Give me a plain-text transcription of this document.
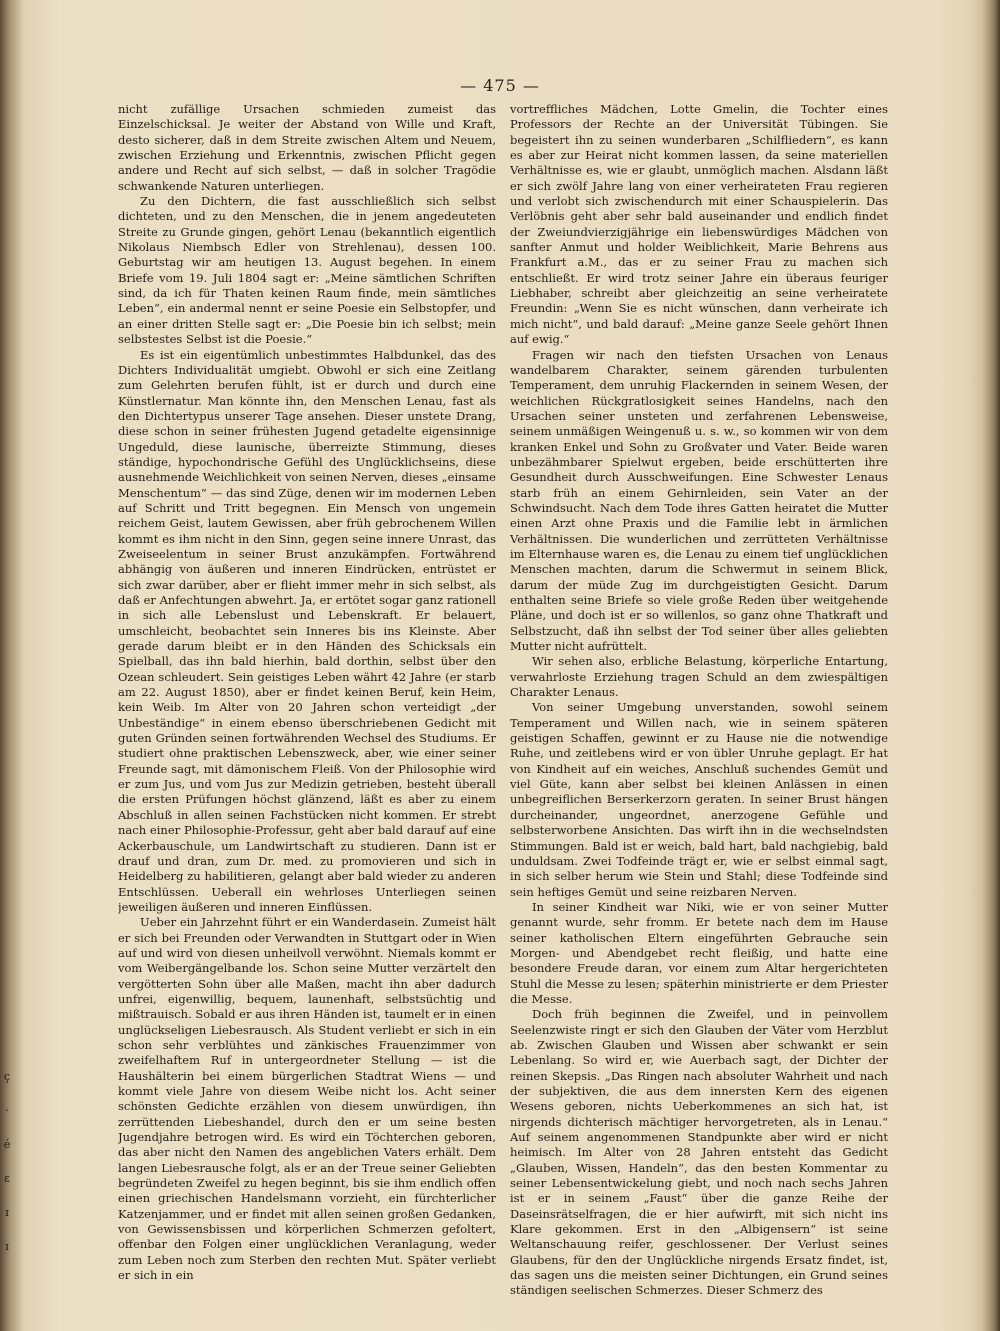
— 475 —

nicht zufällige Ursachen schmieden zumeist das Einzelschicksal. Je weiter der Abstand von Wille und Kraft, desto sicherer, daß in dem Streite zwischen Altem und Neuem, zwischen Erziehung und Erkenntnis, zwischen Pflicht gegen andere und Recht auf sich selbst, — daß in solcher Tragödie schwankende Naturen unterliegen.

Zu den Dichtern, die fast ausschließlich sich selbst dichteten, und zu den Menschen, die in jenem angedeuteten Streite zu Grunde gingen, gehört Lenau (bekanntlich eigentlich Nikolaus Niembsch Edler von Strehlenau), dessen 100. Geburtstag wir am heutigen 13. August begehen. In einem Briefe vom 19. Juli 1804 sagt er: „Meine sämtlichen Schriften sind, da ich für Thaten keinen Raum finde, mein sämtliches Leben“, ein andermal nennt er seine Poesie ein Selbstopfer, und an einer dritten Stelle sagt er: „Die Poesie bin ich selbst; mein selbstestes Selbst ist die Poesie.“

Es ist ein eigentümlich unbestimmtes Halbdunkel, das des Dichters Individualität umgiebt. Obwohl er sich eine Zeitlang zum Gelehrten berufen fühlt, ist er durch und durch eine Künstlernatur. Man könnte ihn, den Menschen Lenau, fast als den Dichtertypus unserer Tage ansehen. Dieser unstete Drang, diese schon in seiner frühesten Jugend getadelte eigensinnige Ungeduld, diese launische, überreizte Stimmung, dieses ständige, hypochondrische Gefühl des Unglücklichseins, diese ausnehmende Weichlichkeit von seinen Nerven, dieses „einsame Menschentum“ — das sind Züge, denen wir im modernen Leben auf Schritt und Tritt begegnen. Ein Mensch von ungemein reichem Geist, lautem Gewissen, aber früh gebrochenem Willen kommt es ihm nicht in den Sinn, gegen seine innere Unrast, das Zweiseelentum in seiner Brust anzukämpfen. Fortwährend abhängig von äußeren und inneren Eindrücken, entrüstet er sich zwar darüber, aber er flieht immer mehr in sich selbst, als daß er Anfechtungen abwehrt. Ja, er ertötet sogar ganz rationell in sich alle Lebenslust und Lebenskraft. Er belauert, umschleicht, beobachtet sein Inneres bis ins Kleinste. Aber gerade darum bleibt er in den Händen des Schicksals ein Spielball, das ihn bald hierhin, bald dorthin, selbst über den Ozean schleudert. Sein geistiges Leben währt 42 Jahre (er starb am 22. August 1850), aber er findet keinen Beruf, kein Heim, kein Weib. Im Alter von 20 Jahren schon verteidigt „der Unbeständige“ in einem ebenso überschriebenen Gedicht mit guten Gründen seinen fortwährenden Wechsel des Studiums. Er studiert ohne praktischen Lebenszweck, aber, wie einer seiner Freunde sagt, mit dämonischem Fleiß. Von der Philosophie wird er zum Jus, und vom Jus zur Medizin getrieben, besteht überall die ersten Prüfungen höchst glänzend, läßt es aber zu einem Abschluß in allen seinen Fachstücken nicht kommen. Er strebt nach einer Philosophie-Professur, geht aber bald darauf auf eine Ackerbauschule, um Landwirtschaft zu studieren. Dann ist er drauf und dran, zum Dr. med. zu promovieren und sich in Heidelberg zu habilitieren, gelangt aber bald wieder zu anderen Entschlüssen. Ueberall ein wehrloses Unterliegen seinen jeweiligen äußeren und inneren Einflüssen.

Ueber ein Jahrzehnt führt er ein Wanderdasein. Zumeist hält er sich bei Freunden oder Verwandten in Stuttgart oder in Wien auf und wird von diesen unheilvoll verwöhnt. Niemals kommt er vom Weibergängelbande los. Schon seine Mutter verzärtelt den vergötterten Sohn über alle Maßen, macht ihn aber dadurch unfrei, eigenwillig, bequem, launenhaft, selbstsüchtig und mißtrauisch. Sobald er aus ihren Händen ist, taumelt er in einen unglückseligen Liebesrausch. Als Student verliebt er sich in ein schon sehr verblühtes und zänkisches Frauenzimmer von zweifelhaftem Ruf in untergeordneter Stellung — ist die Haushälterin bei einem bürgerlichen Stadtrat Wiens — und kommt viele Jahre von diesem Weibe nicht los. Acht seiner schönsten Gedichte erzählen von diesem unwürdigen, ihn zerrüttenden Liebeshandel, durch den er um seine besten Jugendjahre betrogen wird. Es wird ein Töchterchen geboren, das aber nicht den Namen des angeblichen Vaters erhält. Dem langen Liebesrausche folgt, als er an der Treue seiner Geliebten begründeten Zweifel zu hegen beginnt, bis sie ihm endlich offen einen griechischen Handelsmann vorzieht, ein fürchterlicher Katzenjammer, und er findet mit allen seinen großen Gedanken, von Gewissensbissen und körperlichen Schmerzen gefoltert, offenbar den Folgen einer unglücklichen Veranlagung, weder zum Leben noch zum Sterben den rechten Mut. Später verliebt er sich in ein

vortreffliches Mädchen, Lotte Gmelin, die Tochter eines Professors der Rechte an der Universität Tübingen. Sie begeistert ihn zu seinen wunderbaren „Schilfliedern“, es kann es aber zur Heirat nicht kommen lassen, da seine materiellen Verhältnisse es, wie er glaubt, unmöglich machen. Alsdann läßt er sich zwölf Jahre lang von einer verheirateten Frau regieren und verlobt sich zwischendurch mit einer Schauspielerin. Das Verlöbnis geht aber sehr bald auseinander und endlich findet der Zweiundvierzigjährige ein liebenswürdiges Mädchen von sanfter Anmut und holder Weiblichkeit, Marie Behrens aus Frankfurt a.M., das er zu seiner Frau zu machen sich entschließt. Er wird trotz seiner Jahre ein überaus feuriger Liebhaber, schreibt aber gleichzeitig an seine verheiratete Freundin: „Wenn Sie es nicht wünschen, dann verheirate ich mich nicht“, und bald darauf: „Meine ganze Seele gehört Ihnen auf ewig.“

Fragen wir nach den tiefsten Ursachen von Lenaus wandelbarem Charakter, seinem gärenden turbulenten Temperament, dem unruhig Flackernden in seinem Wesen, der weichlichen Rückgratlosigkeit seines Handelns, nach den Ursachen seiner unsteten und zerfahrenen Lebensweise, seinem unmäßigen Weingenuß u. s. w., so kommen wir von dem kranken Enkel und Sohn zu Großvater und Vater. Beide waren unbezähmbarer Spielwut ergeben, beide erschütterten ihre Gesundheit durch Ausschweifungen. Eine Schwester Lenaus starb früh an einem Gehirnleiden, sein Vater an der Schwindsucht. Nach dem Tode ihres Gatten heiratet die Mutter einen Arzt ohne Praxis und die Familie lebt in ärmlichen Verhältnissen. Die wunderlichen und zerrütteten Verhältnisse im Elternhause waren es, die Lenau zu einem tief unglücklichen Menschen machten, darum die Schwermut in seinem Blick, darum der müde Zug im durchgeistigten Gesicht. Darum enthalten seine Briefe so viele große Reden über weitgehende Pläne, und doch ist er so willenlos, so ganz ohne Thatkraft und Selbstzucht, daß ihn selbst der Tod seiner über alles geliebten Mutter nicht aufrüttelt.

Wir sehen also, erbliche Belastung, körperliche Entartung, verwahrloste Erziehung tragen Schuld an dem zwiespältigen Charakter Lenaus.

Von seiner Umgebung unverstanden, sowohl seinem Temperament und Willen nach, wie in seinem späteren geistigen Schaffen, gewinnt er zu Hause nie die notwendige Ruhe, und zeitlebens wird er von übler Unruhe geplagt. Er hat von Kindheit auf ein weiches, Anschluß suchendes Gemüt und viel Güte, kann aber selbst bei kleinen Anlässen in einen unbegreiflichen Berserkerzorn geraten. In seiner Brust hängen durcheinander, ungeordnet, anerzogene Gefühle und selbsterworbene Ansichten. Das wirft ihn in die wechselndsten Stimmungen. Bald ist er weich, bald hart, bald nachgiebig, bald unduldsam. Zwei Todfeinde trägt er, wie er selbst einmal sagt, in sich selber herum wie Stein und Stahl; diese Todfeinde sind sein heftiges Gemüt und seine reizbaren Nerven.

In seiner Kindheit war Niki, wie er von seiner Mutter genannt wurde, sehr fromm. Er betete nach dem im Hause seiner katholischen Eltern eingeführten Gebrauche sein Morgen- und Abendgebet recht fleißig, und hatte eine besondere Freude daran, vor einem zum Altar hergerichteten Stuhl die Messe zu lesen; späterhin ministrierte er dem Priester die Messe.

Doch früh beginnen die Zweifel, und in peinvollem Seelenzwiste ringt er sich den Glauben der Väter vom Herzblut ab. Zwischen Glauben und Wissen aber schwankt er sein Lebenlang. So wird er, wie Auerbach sagt, der Dichter der reinen Skepsis. „Das Ringen nach absoluter Wahrheit und nach der subjektiven, die aus dem innersten Kern des eigenen Wesens geboren, nichts Ueberkommenes an sich hat, ist nirgends dichterisch mächtiger hervorgetreten, als in Lenau.“ Auf seinem angenommenen Standpunkte aber wird er nicht heimisch. Im Alter von 28 Jahren entsteht das Gedicht „Glauben, Wissen, Handeln“, das den besten Kommentar zu seiner Lebensentwickelung giebt, und noch nach sechs Jahren ist er in seinem „Faust“ über die ganze Reihe der Daseinsrätselfragen, die er hier aufwirft, mit sich nicht ins Klare gekommen. Erst in den „Albigensern“ ist seine Weltanschauung reifer, geschlossener. Der Verlust seines Glaubens, für den der Unglückliche nirgends Ersatz findet, ist, das sagen uns die meisten seiner Dichtungen, ein Grund seines ständigen seelischen Schmerzes. Dieser Schmerz des

ç
·
é
ɛ
ɪ
ɪ
